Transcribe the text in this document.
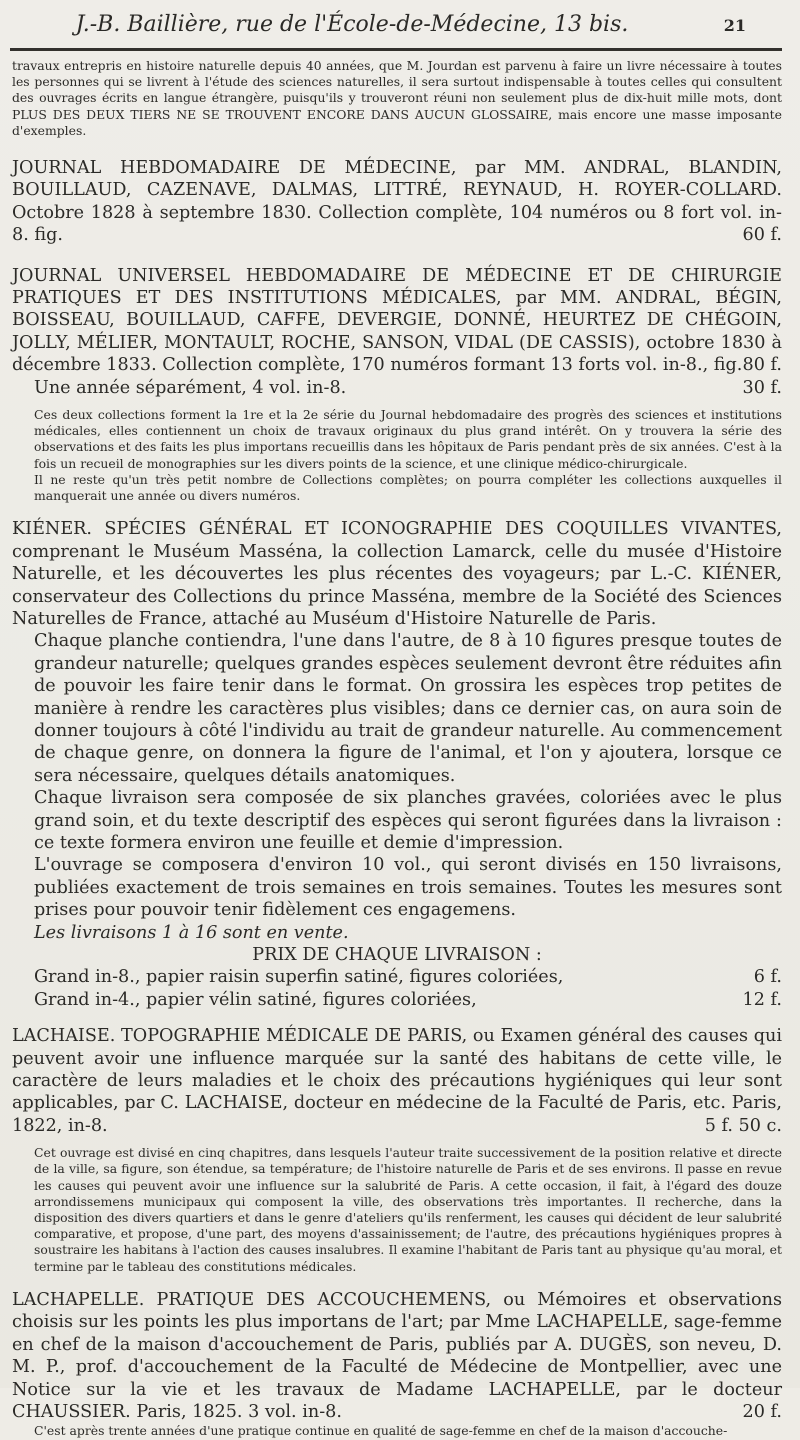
J.-B. Baillière, rue de l'École-de-Médecine, 13 bis.	21

travaux entrepris en histoire naturelle depuis 40 années, que M. Jourdan est parvenu à faire un livre nécessaire à toutes les personnes qui se livrent à l'étude des sciences naturelles, il sera surtout indispensable à toutes celles qui consultent des ouvrages écrits en langue étrangère, puisqu'ils y trouveront réuni non seulement plus de dix-huit mille mots, dont PLUS DES DEUX TIERS NE SE TROUVENT ENCORE DANS AUCUN GLOSSAIRE, mais encore une masse imposante d'exemples.

JOURNAL HEBDOMADAIRE DE MÉDECINE, par MM. ANDRAL, BLANDIN, BOUILLAUD, CAZENAVE, DALMAS, LITTRÉ, REYNAUD, H. ROYER-COLLARD. Octobre 1828 à septembre 1830. Collection complète, 104 numéros ou 8 fort vol. in-8. fig.	60 f.

JOURNAL UNIVERSEL HEBDOMADAIRE DE MÉDECINE ET DE CHIRURGIE PRATIQUES ET DES INSTITUTIONS MÉDICALES, par MM. ANDRAL, BÉGIN, BOISSEAU, BOUILLAUD, CAFFE, DEVERGIE, DONNÉ, HEURTEZ DE CHÉGOIN, JOLLY, MÉLIER, MONTAULT, ROCHE, SANSON, VIDAL (DE CASSIS), octobre 1830 à décembre 1833. Collection complète, 170 numéros formant 13 forts vol. in-8., fig. 80 f.

Une année séparément, 4 vol. in-8.	30 f.

Ces deux collections forment la 1re et la 2e série du Journal hebdomadaire des progrès des sciences et institutions médicales, elles contiennent un choix de travaux originaux du plus grand intérêt. On y trouvera la série des observations et des faits les plus importans recueillis dans les hôpitaux de Paris pendant près de six années. C'est à la fois un recueil de monographies sur les divers points de la science, et une clinique médico-chirurgicale.

Il ne reste qu'un très petit nombre de Collections complètes; on pourra compléter les collections auxquelles il manquerait une année ou divers numéros.

KIÉNER. SPÉCIES GÉNÉRAL ET ICONOGRAPHIE DES COQUILLES VIVANTES, comprenant le Muséum Masséna, la collection Lamarck, celle du musée d'Histoire Naturelle, et les découvertes les plus récentes des voyageurs; par L.-C. KIÉNER, conservateur des Collections du prince Masséna, membre de la Société des Sciences Naturelles de France, attaché au Muséum d'Histoire Naturelle de Paris.

Chaque planche contiendra, l'une dans l'autre, de 8 à 10 figures presque toutes de grandeur naturelle; quelques grandes espèces seulement devront être réduites afin de pouvoir les faire tenir dans le format. On grossira les espèces trop petites de manière à rendre les caractères plus visibles; dans ce dernier cas, on aura soin de donner toujours à côté l'individu au trait de grandeur naturelle. Au commencement de chaque genre, on donnera la figure de l'animal, et l'on y ajoutera, lorsque ce sera nécessaire, quelques détails anatomiques.

Chaque livraison sera composée de six planches gravées, coloriées avec le plus grand soin, et du texte descriptif des espèces qui seront figurées dans la livraison : ce texte formera environ une feuille et demie d'impression.

L'ouvrage se composera d'environ 10 vol., qui seront divisés en 150 livraisons, publiées exactement de trois semaines en trois semaines. Toutes les mesures sont prises pour pouvoir tenir fidèlement ces engagemens.

Les livraisons 1 à 16 sont en vente.

PRIX DE CHAQUE LIVRAISON :

Grand in-8., papier raisin superfin satiné, figures coloriées,	6 f.

Grand in-4., papier vélin satiné, figures coloriées,	12 f.

LACHAISE. TOPOGRAPHIE MÉDICALE DE PARIS, ou Examen général des causes qui peuvent avoir une influence marquée sur la santé des habitans de cette ville, le caractère de leurs maladies et le choix des précautions hygiéniques qui leur sont applicables, par C. LACHAISE, docteur en médecine de la Faculté de Paris, etc. Paris, 1822, in-8.	5 f. 50 c.

Cet ouvrage est divisé en cinq chapitres, dans lesquels l'auteur traite successivement de la position relative et directe de la ville, sa figure, son étendue, sa température; de l'histoire naturelle de Paris et de ses environs. Il passe en revue les causes qui peuvent avoir une influence sur la salubrité de Paris. A cette occasion, il fait, à l'égard des douze arrondissemens municipaux qui composent la ville, des observations très importantes. Il recherche, dans la disposition des divers quartiers et dans le genre d'ateliers qu'ils renferment, les causes qui décident de leur salubrité comparative, et propose, d'une part, des moyens d'assainissement; de l'autre, des précautions hygiéniques propres à soustraire les habitans à l'action des causes insalubres. Il examine l'habitant de Paris tant au physique qu'au moral, et termine par le tableau des constitutions médicales.

LACHAPELLE. PRATIQUE DES ACCOUCHEMENS, ou Mémoires et observations choisis sur les points les plus importans de l'art; par Mme LACHAPELLE, sage-femme en chef de la maison d'accouchement de Paris, publiés par A. DUGÈS, son neveu, D. M. P., prof. d'accouchement de la Faculté de Médecine de Montpellier, avec une Notice sur la vie et les travaux de Madame LACHAPELLE, par le docteur CHAUSSIER. Paris, 1825. 3 vol. in-8.	20 f.

C'est après trente années d'une pratique continue en qualité de sage-femme en chef de la maison d'accouche-
